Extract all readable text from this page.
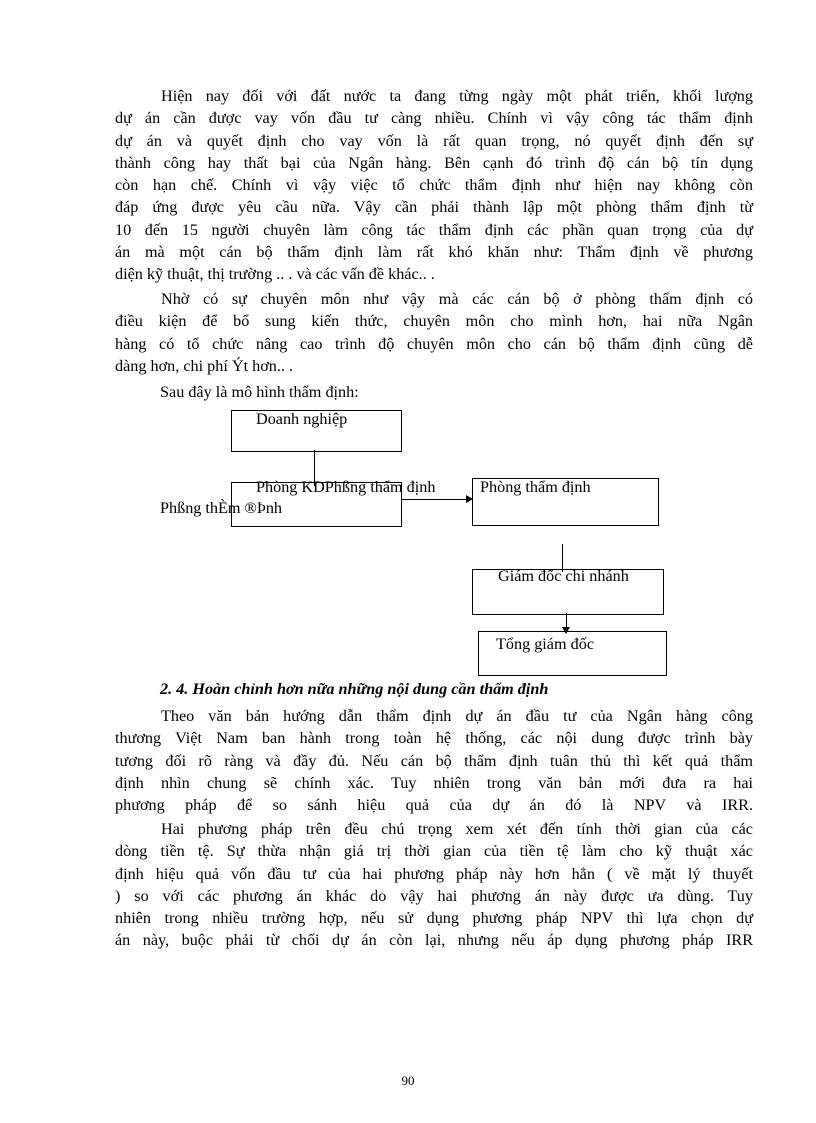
Hiện nay đối với đất nước ta đang từng ngày một phát triển, khối lượng
dự án cần được vay vốn đầu tư càng nhiều. Chính vì vậy công tác thẩm định
dự án và quyết định cho vay vốn là rất quan trọng, nó quyết định đến sự
thành công hay thất bại của Ngân hàng. Bên cạnh đó trình độ cán bộ tín dụng
còn hạn chế. Chính vì vậy việc tổ chức thẩm định như hiện nay không còn
đáp ứng được yêu cầu nữa. Vậy cần phải thành lập một phòng thẩm định từ
10 đến 15 người chuyên làm công tác thẩm định các phần quan trọng của dự
án mà một cán bộ thẩm định làm rất khó khăn như: Thẩm định về phương
diện kỹ thuật, thị trường .. . và các vấn đề khác.. .
Nhờ có sự chuyên môn như vậy mà các cán bộ ở phòng thẩm định có
điều kiện để bổ sung kiến thức, chuyên môn cho mình hơn, hai nữa Ngân
hàng có tổ chức nâng cao trình độ chuyên môn cho cán bộ thẩm định cũng dễ
dàng hơn, chi phí Ýt hơn.. .
Sau đây là mô hình thẩm định:
Doanh nghiệp
Phòng KDPhßng thẩm định
Phßng thÈm ®Þnh
Phòng thẩm định
Giám đốc chi nhánh
Tổng giám đốc
2. 4. Hoàn chỉnh hơn nữa những nội dung cần thẩm định
Theo văn bản hướng dẫn thẩm định dự án đầu tư của Ngân hàng công
thương Việt Nam ban hành trong toàn hệ thống, các nội dung được trình bày
tương đối rõ ràng và đầy đủ. Nếu cán bộ thẩm định tuân thủ thì kết quả thẩm
định nhìn chung sẽ chính xác. Tuy nhiên trong văn bản mới đưa ra hai
phương pháp để so sánh hiệu quả của dự án đó là NPV và IRR.
Hai phương pháp trên đều chú trọng xem xét đến tính thời gian của các
dòng tiền tệ. Sự thừa nhận giá trị thời gian của tiền tệ làm cho kỹ thuật xác
định hiệu quả vốn đầu tư của hai phương pháp này hơn hẳn ( về mặt lý thuyết
) so với các phương án khác do vậy hai phương án này được ưa dùng. Tuy
nhiên trong nhiều trường hợp, nếu sử dụng phương pháp NPV thì lựa chọn dự
án này, buộc phải từ chối dự án còn lại, nhưng nếu áp dụng phương pháp IRR
90
